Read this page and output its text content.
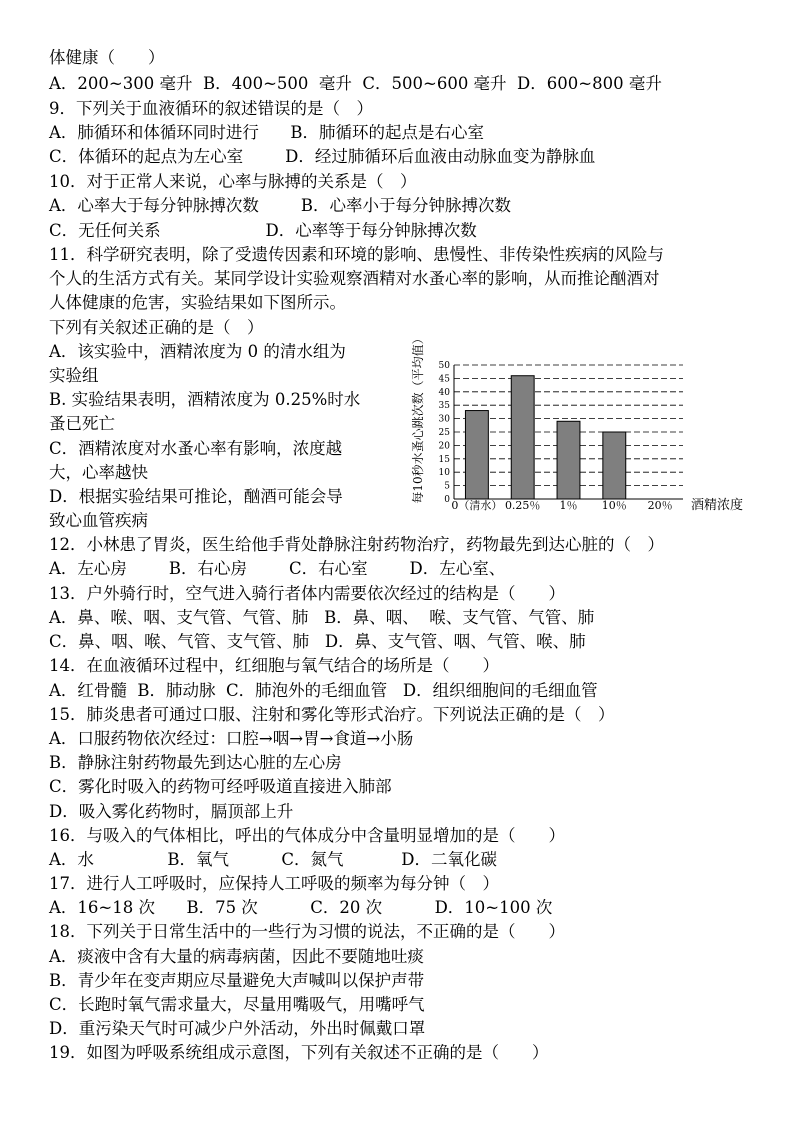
体健康（　　）
A．200~300 毫升  B．400~500  毫升  C．500~600 毫升  D．600~800 毫升
9．下列关于血液循环的叙述错误的是（　）
A．肺循环和体循环同时进行      B．肺循环的起点是右心室
C．体循环的起点为左心室        D．经过肺循环后血液由动脉血变为静脉血
10．对于正常人来说，心率与脉搏的关系是（　）
A．心率大于每分钟脉搏次数        B．心率小于每分钟脉搏次数
C．无任何关系                    D．心率等于每分钟脉搏次数
11．科学研究表明，除了受遗传因素和环境的影响、患慢性、非传染性疾病的风险与
个人的生活方式有关。某同学设计实验观察酒精对水蚤心率的影响，从而推论酗酒对
人体健康的危害，实验结果如下图所示。
下列有关叙述正确的是（　）
A．该实验中，酒精浓度为 0 的清水组为
实验组
B. 实验结果表明，酒精浓度为 0.25%时水
蚤已死亡
C．酒精浓度对水蚤心率有影响，浓度越
大，心率越快
D．根据实验结果可推论，酗酒可能会导
致心血管疾病
12．小林患了胃炎，医生给他手背处静脉注射药物治疗，药物最先到达心脏的（　）
A．左心房        B．右心房        C．右心室        D．左心室、
13．户外骑行时，空气进入骑行者体内需要依次经过的结构是（　　）
A．鼻、喉、咽、支气管、气管、肺   B．鼻、咽、  喉、支气管、气管、肺
C．鼻、咽、喉、气管、支气管、肺   D．鼻、支气管、咽、气管、喉、肺
14．在血液循环过程中，红细胞与氧气结合的场所是（　　）
A．红骨髓  B．肺动脉  C．肺泡外的毛细血管   D．组织细胞间的毛细血管
15．肺炎患者可通过口服、注射和雾化等形式治疗。下列说法正确的是（　）
A．口服药物依次经过：口腔→咽→胃→食道→小肠
B．静脉注射药物最先到达心脏的左心房
C．雾化时吸入的药物可经呼吸道直接进入肺部
D．吸入雾化药物时，膈顶部上升
16．与吸入的气体相比，呼出的气体成分中含量明显增加的是（　　）
A．水              B．氧气          C．氮气           D．二氧化碳
17．进行人工呼吸时，应保持人工呼吸的频率为每分钟（　）
A．16~18 次      B．75 次          C．20 次          D．10~100 次
18．下列关于日常生活中的一些行为习惯的说法，不正确的是（　　）
A．痰液中含有大量的病毒病菌，因此不要随地吐痰
B．青少年在变声期应尽量避免大声喊叫以保护声带
C．长跑时氧气需求量大，尽量用嘴吸气，用嘴呼气
D．重污染天气时可减少户外活动，外出时佩戴口罩
19．如图为呼吸系统组成示意图，下列有关叙述不正确的是（　　）
每10秒水蚤心跳次数（平均值） 0
5
10
15
20
25
30
35
40
45
50
0（清水） 0.25％ 1％ 10％ 20％ 酒精浓度
